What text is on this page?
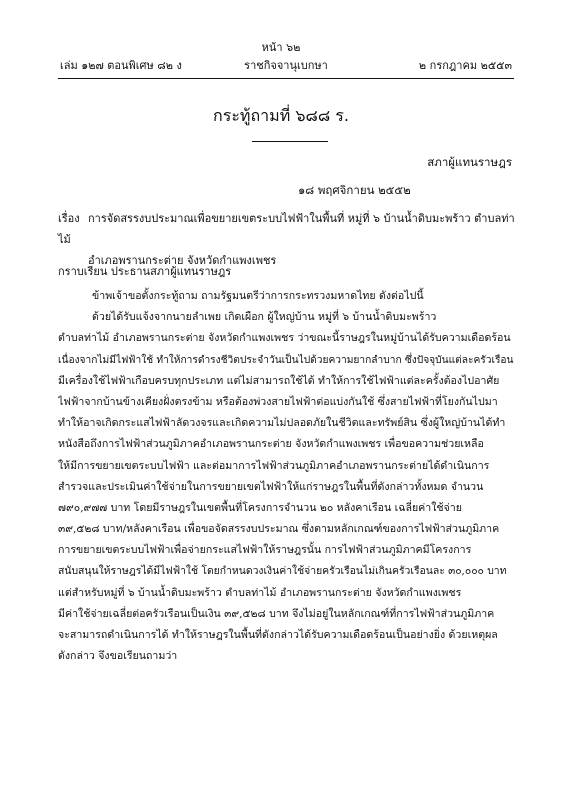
หน้า ๖๒
เล่ม ๑๒๗ ตอนพิเศษ ๘๒ ง	ราชกิจจานุเบกษา	๒ กรกฎาคม ๒๕๕๓
กระทู้ถามที่ ๖๘๘ ร.
สภาผู้แทนราษฎร
๑๘ พฤศจิกายน ๒๕๕๒
เรื่อง การจัดสรรงบประมาณเพื่อขยายเขตระบบไฟฟ้าในพื้นที่ หมู่ที่ ๖ บ้านน้ำดิบมะพร้าว ตำบลท่าไม้
อำเภอพรานกระต่าย จังหวัดกำแพงเพชร
กราบเรียน ประธานสภาผู้แทนราษฎร
ข้าพเจ้าขอตั้งกระทู้ถาม ถามรัฐมนตรีว่าการกระทรวงมหาดไทย ดังต่อไปนี้
ด้วยได้รับแจ้งจากนายลำเพย เกิดเผือก ผู้ใหญ่บ้าน หมู่ที่ ๖ บ้านน้ำดิบมะพร้าว
ตำบลท่าไม้ อำเภอพรานกระต่าย จังหวัดกำแพงเพชร ว่าขณะนี้ราษฎรในหมู่บ้านได้รับความเดือดร้อน
เนื่องจากไม่มีไฟฟ้าใช้ ทำให้การดำรงชีวิตประจำวันเป็นไปด้วยความยากลำบาก ซึ่งปัจจุบันแต่ละครัวเรือน
มีเครื่องใช้ไฟฟ้าเกือบครบทุกประเภท แต่ไม่สามารถใช้ได้ ทำให้การใช้ไฟฟ้าแต่ละครั้งต้องไปอาศัย
ไฟฟ้าจากบ้านข้างเคียงฝั่งตรงข้าม หรือต้องพ่วงสายไฟฟ้าต่อแบ่งกันใช้ ซึ่งสายไฟฟ้าที่โยงกันไปมา
ทำให้อาจเกิดกระแสไฟฟ้าลัดวงจรและเกิดความไม่ปลอดภัยในชีวิตและทรัพย์สิน ซึ่งผู้ใหญ่บ้านได้ทำ
หนังสือถึงการไฟฟ้าส่วนภูมิภาคอำเภอพรานกระต่าย จังหวัดกำแพงเพชร เพื่อขอความช่วยเหลือ
ให้มีการขยายเขตระบบไฟฟ้า และต่อมาการไฟฟ้าส่วนภูมิภาคอำเภอพรานกระต่ายได้ดำเนินการ
สำรวจและประเมินค่าใช้จ่ายในการขยายเขตไฟฟ้าให้แก่ราษฎรในพื้นที่ดังกล่าวทั้งหมด จำนวน
๗๙๐,๙๗๗ บาท โดยมีราษฎรในเขตพื้นที่โครงการจำนวน ๒๐ หลังคาเรือน เฉลี่ยค่าใช้จ่าย
๓๙,๕๒๘ บาท/หลังคาเรือน เพื่อขอจัดสรรงบประมาณ ซึ่งตามหลักเกณฑ์ของการไฟฟ้าส่วนภูมิภาค
การขยายเขตระบบไฟฟ้าเพื่อจ่ายกระแสไฟฟ้าให้ราษฎรนั้น การไฟฟ้าส่วนภูมิภาคมีโครงการ
สนับสนุนให้ราษฎรได้มีไฟฟ้าใช้ โดยกำหนดวงเงินค่าใช้จ่ายครัวเรือนไม่เกินครัวเรือนละ ๓๐,๐๐๐ บาท
แต่สำหรับหมู่ที่ ๖ บ้านน้ำดิบมะพร้าว ตำบลท่าไม้ อำเภอพรานกระต่าย จังหวัดกำแพงเพชร
มีค่าใช้จ่ายเฉลี่ยต่อครัวเรือนเป็นเงิน ๓๙,๕๒๘ บาท จึงไม่อยู่ในหลักเกณฑ์ที่การไฟฟ้าส่วนภูมิภาค
จะสามารถดำเนินการได้ ทำให้ราษฎรในพื้นที่ดังกล่าวได้รับความเดือดร้อนเป็นอย่างยิ่ง ด้วยเหตุผล
ดังกล่าว จึงขอเรียนถามว่า
